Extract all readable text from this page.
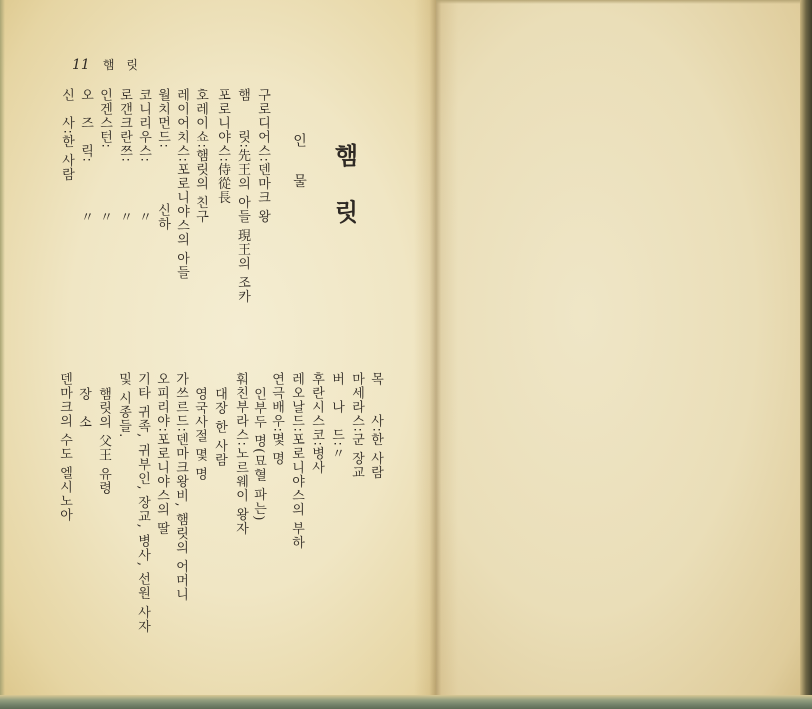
11 햄 릿
햄 릿
인 물
구로디어스∶덴마크 왕
햄　　릿∶先王의 아들 現王의 조카
포로니야스∶侍從長
호레이쇼∶햄릿의 친구
레이어치스∶포로니야스의 아들
월치먼드∶
신하
코니리우스∶
〃
로갠크란쯔∶
〃
인겐스턴∶
〃
오　즈　릭∶
〃
신　사∶한 사람
목　　사∶한 사람
마세라스∶군 장교
버　나　드∶〃
후란시스코∶병사
레오날드∶포로니야스의 부하
연극배우∶몇 명
인부두 명(묘혈 파는)
훠친부라스∶노르웨이 왕자
대장 한 사람
영국사절 몇 명
가쓰르드∶덴마크왕비, 햄릿의 어머니
오피리야∶포로니야스의 딸
기타 귀족, 귀부인, 장교, 병사, 선원 사자
및 시종들.
햄릿의 父王 유령
장　소
덴마크의 수도 엘시노아
